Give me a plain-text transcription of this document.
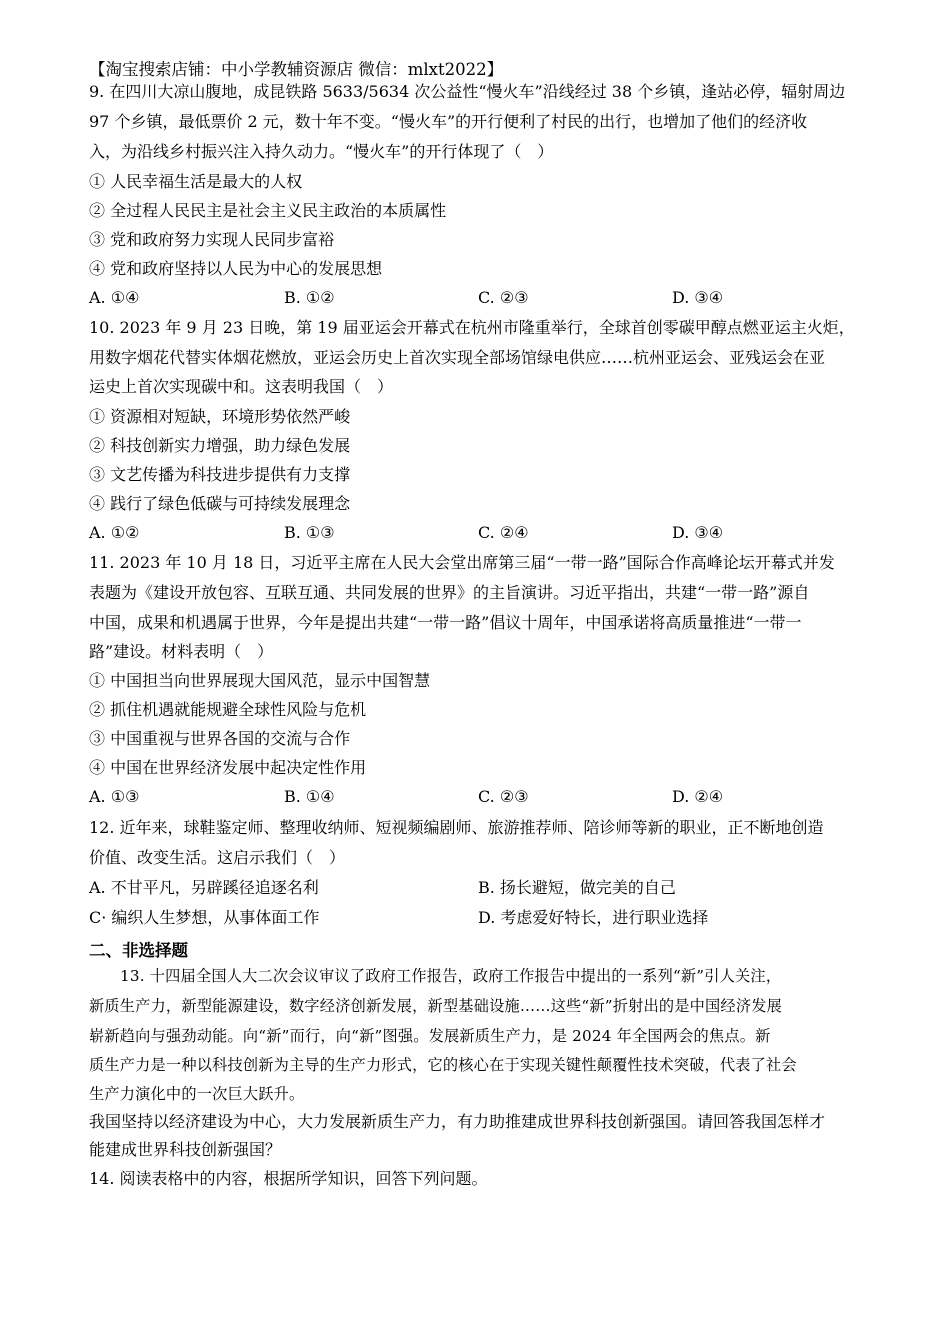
【淘宝搜索店铺：中小学教辅资源店 微信：mlxt2022】
9. 在四川大凉山腹地，成昆铁路 5633/5634 次公益性“慢火车”沿线经过 38 个乡镇，逢站必停，辐射周边
97 个乡镇，最低票价 2 元，数十年不变。“慢火车”的开行便利了村民的出行，也增加了他们的经济收
入，为沿线乡村振兴注入持久动力。“慢火车”的开行体现了（　）
① 人民幸福生活是最大的人权
② 全过程人民民主是社会主义民主政治的本质属性
③ 党和政府努力实现人民同步富裕
④ 党和政府坚持以人民为中心的发展思想
A. ①④	B. ①②	C. ②③	D. ③④
10. 2023 年 9 月 23 日晚，第 19 届亚运会开幕式在杭州市隆重举行，全球首创零碳甲醇点燃亚运主火炬，
用数字烟花代替实体烟花燃放，亚运会历史上首次实现全部场馆绿电供应……杭州亚运会、亚残运会在亚
运史上首次实现碳中和。这表明我国（　）
① 资源相对短缺，环境形势依然严峻
② 科技创新实力增强，助力绿色发展
③ 文艺传播为科技进步提供有力支撑
④ 践行了绿色低碳与可持续发展理念
A. ①②	B. ①③	C. ②④	D. ③④
11. 2023 年 10 月 18 日，习近平主席在人民大会堂出席第三届“一带一路”国际合作高峰论坛开幕式并发
表题为《建设开放包容、互联互通、共同发展的世界》的主旨演讲。习近平指出，共建“一带一路”源自
中国，成果和机遇属于世界，今年是提出共建“一带一路”倡议十周年，中国承诺将高质量推进“一带一
路”建设。材料表明（　）
① 中国担当向世界展现大国风范，显示中国智慧
② 抓住机遇就能规避全球性风险与危机
③ 中国重视与世界各国的交流与合作
④ 中国在世界经济发展中起决定性作用
A. ①③	B. ①④	C. ②③	D. ②④
12. 近年来，球鞋鉴定师、整理收纳师、短视频编剧师、旅游推荐师、陪诊师等新的职业，正不断地创造
价值、改变生活。这启示我们（　）
A. 不甘平凡，另辟蹊径追逐名利	B. 扬长避短，做完美的自己
C· 编织人生梦想，从事体面工作	D. 考虑爱好特长，进行职业选择
二、非选择题
13. 十四届全国人大二次会议审议了政府工作报告，政府工作报告中提出的一系列“新”引人关注，
新质生产力，新型能源建设，数字经济创新发展，新型基础设施……这些“新”折射出的是中国经济发展
崭新趋向与强劲动能。向“新”而行，向“新”图强。发展新质生产力，是 2024 年全国两会的焦点。新
质生产力是一种以科技创新为主导的生产力形式，它的核心在于实现关键性颠覆性技术突破，代表了社会
生产力演化中的一次巨大跃升。
我国坚持以经济建设为中心，大力发展新质生产力，有力助推建成世界科技创新强国。请回答我国怎样才
能建成世界科技创新强国？
14. 阅读表格中的内容，根据所学知识，回答下列问题。
